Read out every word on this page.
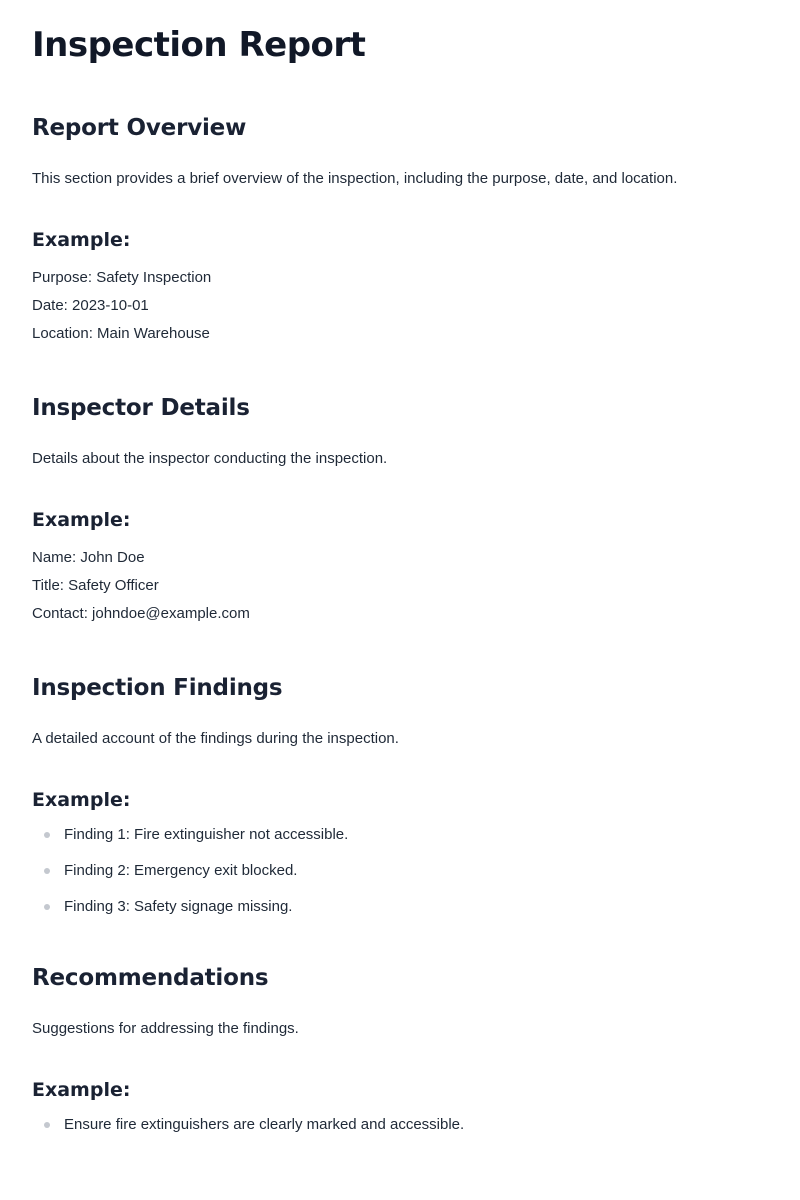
Inspection Report
Report Overview

This section provides a brief overview of the inspection, including the purpose, date, and location.

Example:
Purpose: Safety Inspection
Date: 2023-10-01
Location: Main Warehouse
Inspector Details

Details about the inspector conducting the inspection.

Example:
Name: John Doe
Title: Safety Officer
Contact: johndoe@example.com
Inspection Findings

A detailed account of the findings during the inspection.

Example:
Finding 1: Fire extinguisher not accessible.
Finding 2: Emergency exit blocked.
Finding 3: Safety signage missing.
Recommendations

Suggestions for addressing the findings.

Example:
Ensure fire extinguishers are clearly marked and accessible.
